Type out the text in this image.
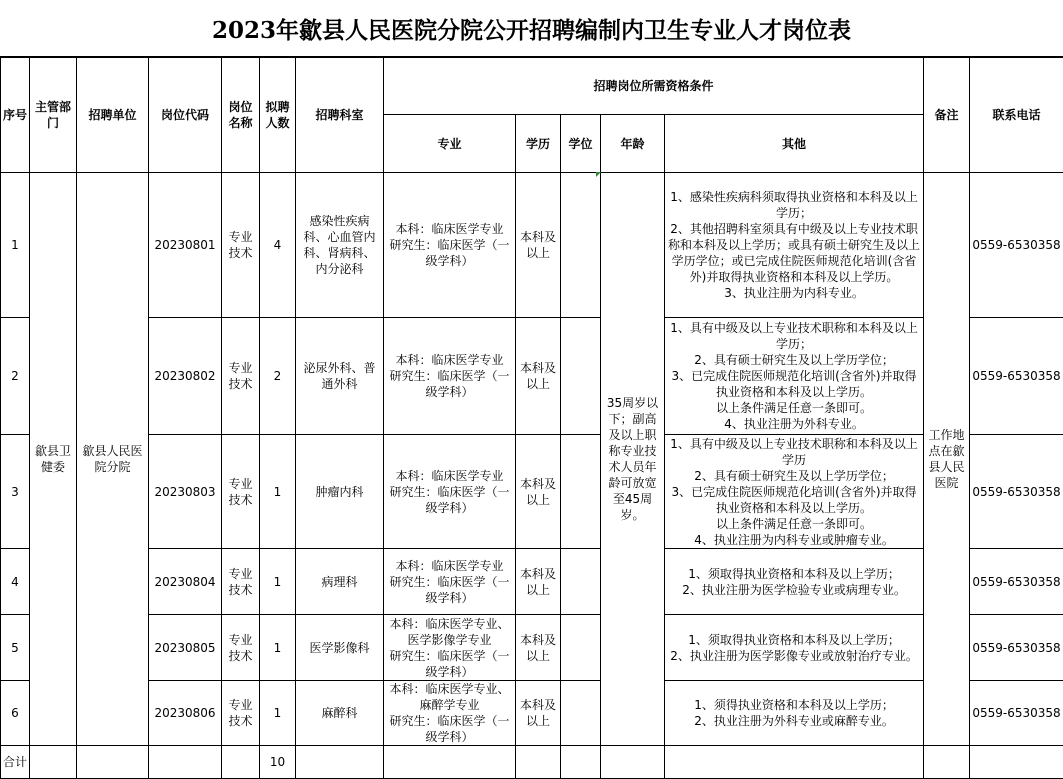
2023年歙县人民医院分院公开招聘编制内卫生专业人才岗位表
序号	主管部门	招聘单位	岗位代码	岗位名称	拟聘人数	招聘科室	招聘岗位所需资格条件					备注	联系电话
							专业	学历	学位	年龄	其他		
1	歙县卫健委	歙县人民医院分院	20230801	专业技术	4	感染性疾病科、心血管内科、肾病科、内分泌科	本科：临床医学专业
研究生：临床医学（一级学科）	本科及以上		35周岁以下；副高及以上职称专业技术人员年龄可放宽至45周岁。	1、感染性疾病科须取得执业资格和本科及以上学历；
2、其他招聘科室须具有中级及以上专业技术职称和本科及以上学历；或具有硕士研究生及以上学历学位；或已完成住院医师规范化培训(含省外)并取得执业资格和本科及以上学历。
3、执业注册为内科专业。	工作地点在歙县人民医院	0559-6530358
2			20230802	专业技术	2	泌尿外科、普通外科	本科：临床医学专业
研究生：临床医学（一级学科）	本科及以上			1、具有中级及以上专业技术职称和本科及以上学历；
2、具有硕士研究生及以上学历学位；
3、已完成住院医师规范化培训(含省外)并取得执业资格和本科及以上学历。
以上条件满足任意一条即可。
4、执业注册为外科专业。		0559-6530358
3			20230803	专业技术	1	肿瘤内科	本科：临床医学专业
研究生：临床医学（一级学科）	本科及以上			1、具有中级及以上专业技术职称和本科及以上学历
2、具有硕士研究生及以上学历学位；
3、已完成住院医师规范化培训(含省外)并取得执业资格和本科及以上学历。
以上条件满足任意一条即可。
4、执业注册为内科专业或肿瘤专业。		0559-6530358
4			20230804	专业技术	1	病理科	本科：临床医学专业
研究生：临床医学（一级学科）	本科及以上			1、须取得执业资格和本科及以上学历；
2、执业注册为医学检验专业或病理专业。		0559-6530358
5			20230805	专业技术	1	医学影像科	本科：临床医学专业、医学影像学专业
研究生：临床医学（一级学科）	本科及以上			1、须取得执业资格和本科及以上学历；
2、执业注册为医学影像专业或放射治疗专业。		0559-6530358
6			20230806	专业技术	1	麻醉科	本科：临床医学专业、麻醉学专业
研究生：临床医学（一级学科）	本科及以上			1、须得执业资格和本科及以上学历；
2、执业注册为外科专业或麻醉专业。		0559-6530358
合计					10								
